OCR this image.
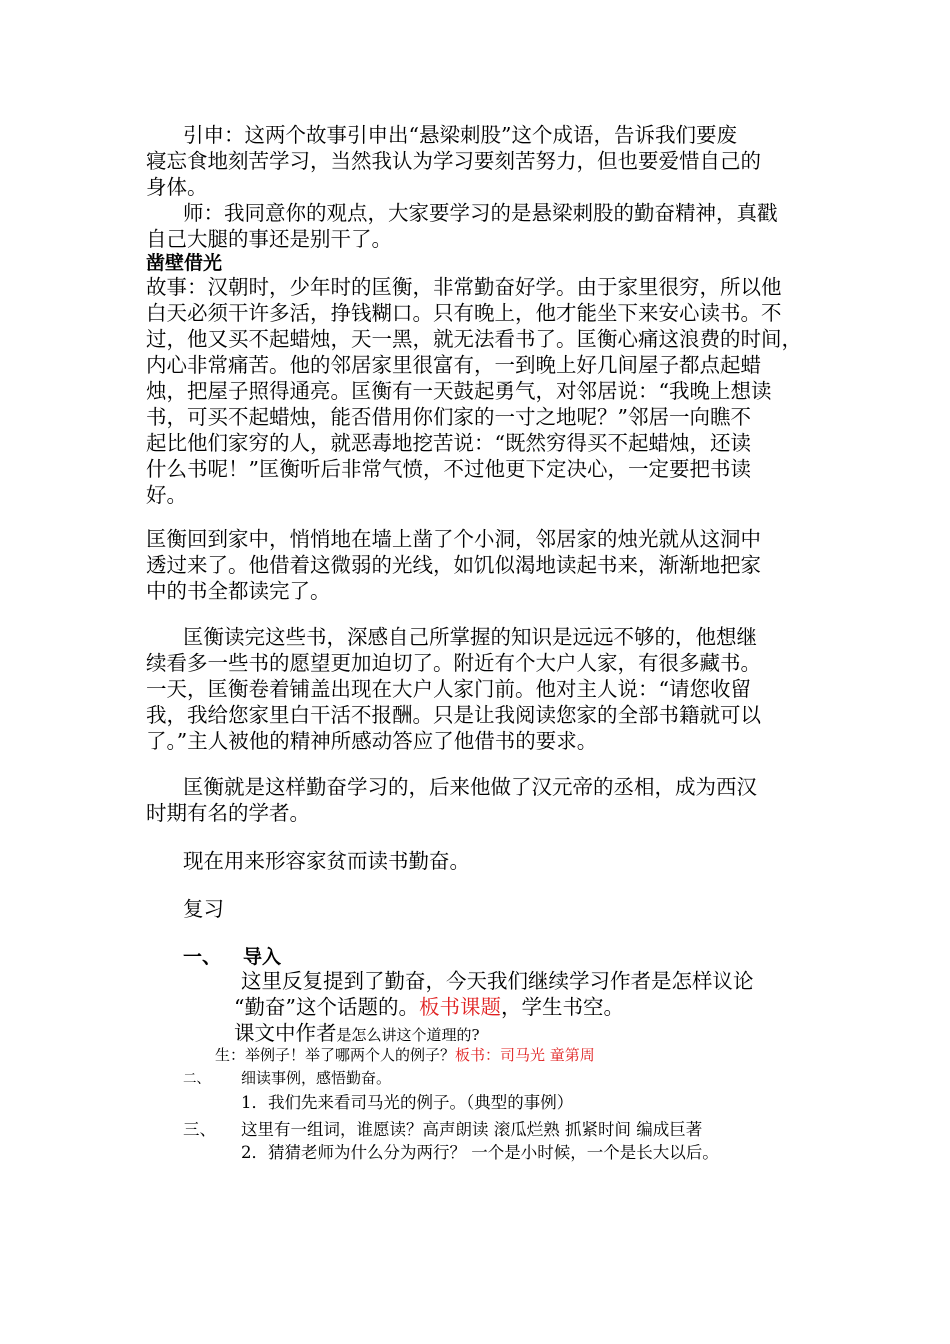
引申：这两个故事引申出“悬梁刺股”这个成语，告诉我们要废
寝忘食地刻苦学习，当然我认为学习要刻苦努力，但也要爱惜自己的
身体。
师：我同意你的观点，大家要学习的是悬梁刺股的勤奋精神，真戳
自己大腿的事还是别干了。
凿壁借光
故事：汉朝时，少年时的匡衡，非常勤奋好学。由于家里很穷，所以他
白天必须干许多活，挣钱糊口。只有晚上，他才能坐下来安心读书。不
过，他又买不起蜡烛，天一黑，就无法看书了。匡衡心痛这浪费的时间，
内心非常痛苦。他的邻居家里很富有，一到晚上好几间屋子都点起蜡
烛，把屋子照得通亮。匡衡有一天鼓起勇气，对邻居说：“我晚上想读
书，可买不起蜡烛，能否借用你们家的一寸之地呢？”邻居一向瞧不
起比他们家穷的人，就恶毒地挖苦说：“既然穷得买不起蜡烛，还读
什么书呢！”匡衡听后非常气愤，不过他更下定决心，一定要把书读
好。
匡衡回到家中，悄悄地在墙上凿了个小洞，邻居家的烛光就从这洞中
透过来了。他借着这微弱的光线，如饥似渴地读起书来，渐渐地把家
中的书全都读完了。
匡衡读完这些书，深感自己所掌握的知识是远远不够的，他想继
续看多一些书的愿望更加迫切了。附近有个大户人家，有很多藏书。
一天，匡衡卷着铺盖出现在大户人家门前。他对主人说：“请您收留
我，我给您家里白干活不报酬。只是让我阅读您家的全部书籍就可以
了。”主人被他的精神所感动答应了他借书的要求。
匡衡就是这样勤奋学习的，后来他做了汉元帝的丞相，成为西汉
时期有名的学者。
现在用来形容家贫而读书勤奋。
复习
一、 导入
这里反复提到了勤奋，今天我们继续学习作者是怎样议论
“勤奋”这个话题的。板书课题，学生书空。
课文中作者是怎么讲这个道理的?
生：举例子！举了哪两个人的例子？板书：司马光 童第周
二、 细读事例，感悟勤奋。
1．我们先来看司马光的例子。（典型的事例）
三、 这里有一组词，谁愿读？高声朗读 滚瓜烂熟 抓紧时间 编成巨著
2．猜猜老师为什么分为两行？ 一个是小时候，一个是长大以后。
